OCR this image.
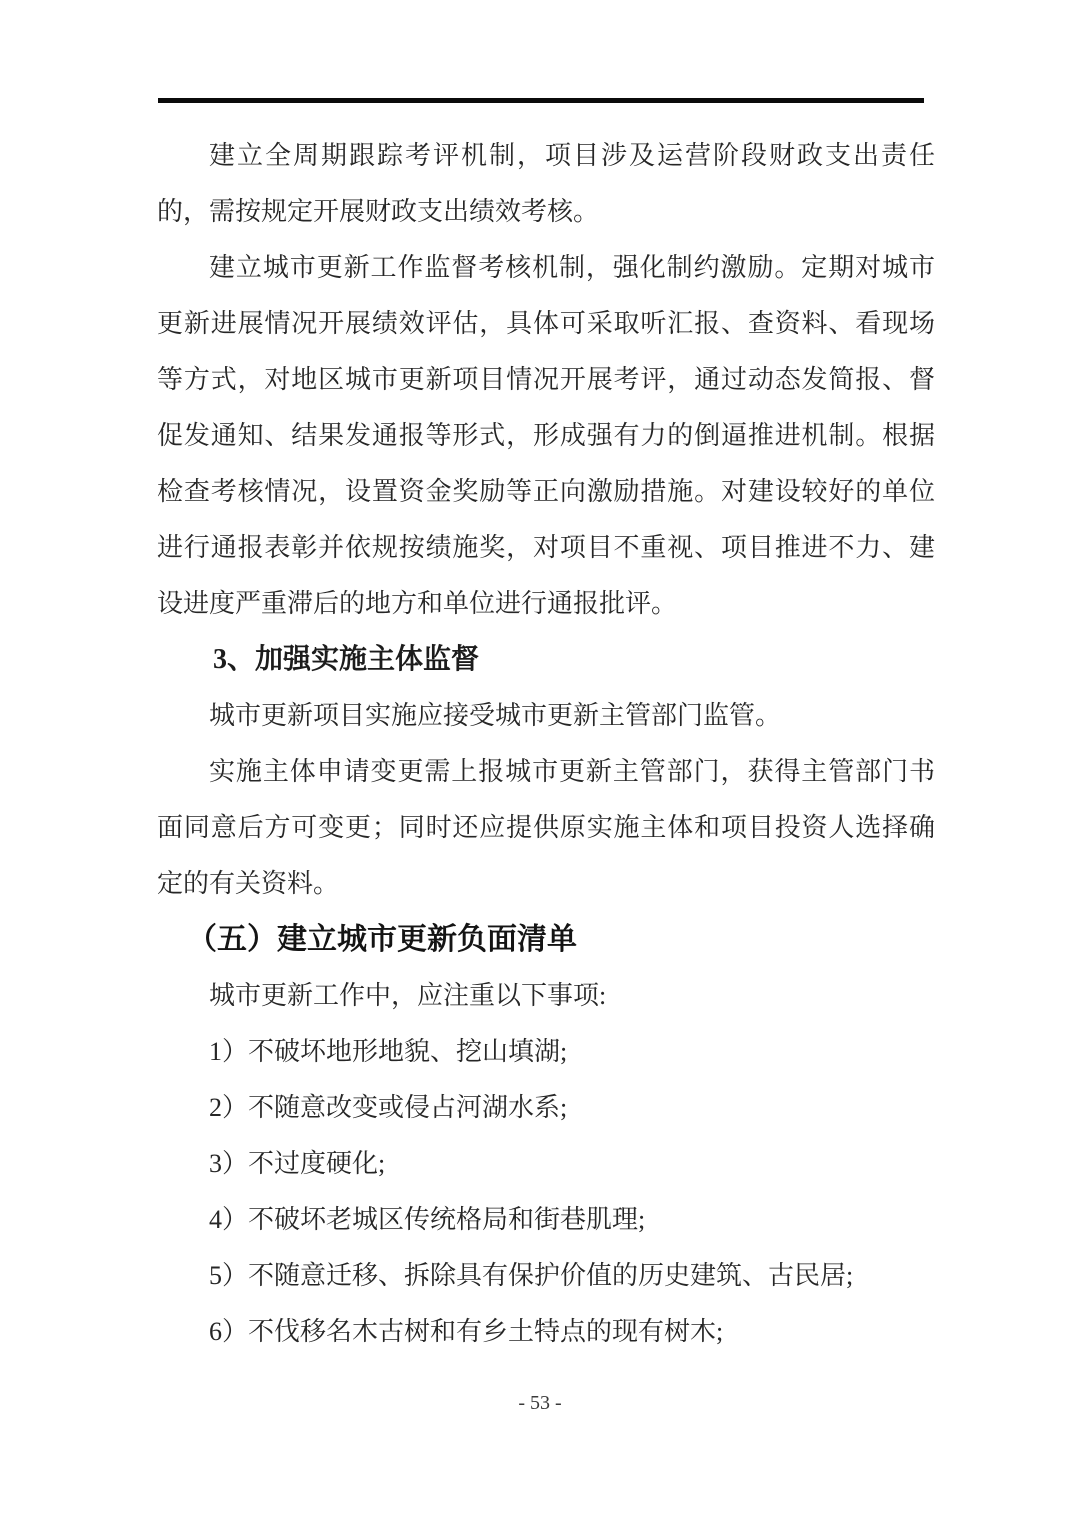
建立全周期跟踪考评机制，项目涉及运营阶段财政支出责任的，需按规定开展财政支出绩效考核。

建立城市更新工作监督考核机制，强化制约激励。定期对城市更新进展情况开展绩效评估，具体可采取听汇报、查资料、看现场等方式，对地区城市更新项目情况开展考评，通过动态发简报、督促发通知、结果发通报等形式，形成强有力的倒逼推进机制。根据检查考核情况，设置资金奖励等正向激励措施。对建设较好的单位进行通报表彰并依规按绩施奖，对项目不重视、项目推进不力、建设进度严重滞后的地方和单位进行通报批评。

3、加强实施主体监督

城市更新项目实施应接受城市更新主管部门监管。

实施主体申请变更需上报城市更新主管部门，获得主管部门书面同意后方可变更；同时还应提供原实施主体和项目投资人选择确定的有关资料。

（五）建立城市更新负面清单

城市更新工作中，应注重以下事项:

1）不破坏地形地貌、挖山填湖;

2）不随意改变或侵占河湖水系;

3）不过度硬化;

4）不破坏老城区传统格局和街巷肌理;

5）不随意迁移、拆除具有保护价值的历史建筑、古民居;

6）不伐移名木古树和有乡土特点的现有树木;

- 53 -
